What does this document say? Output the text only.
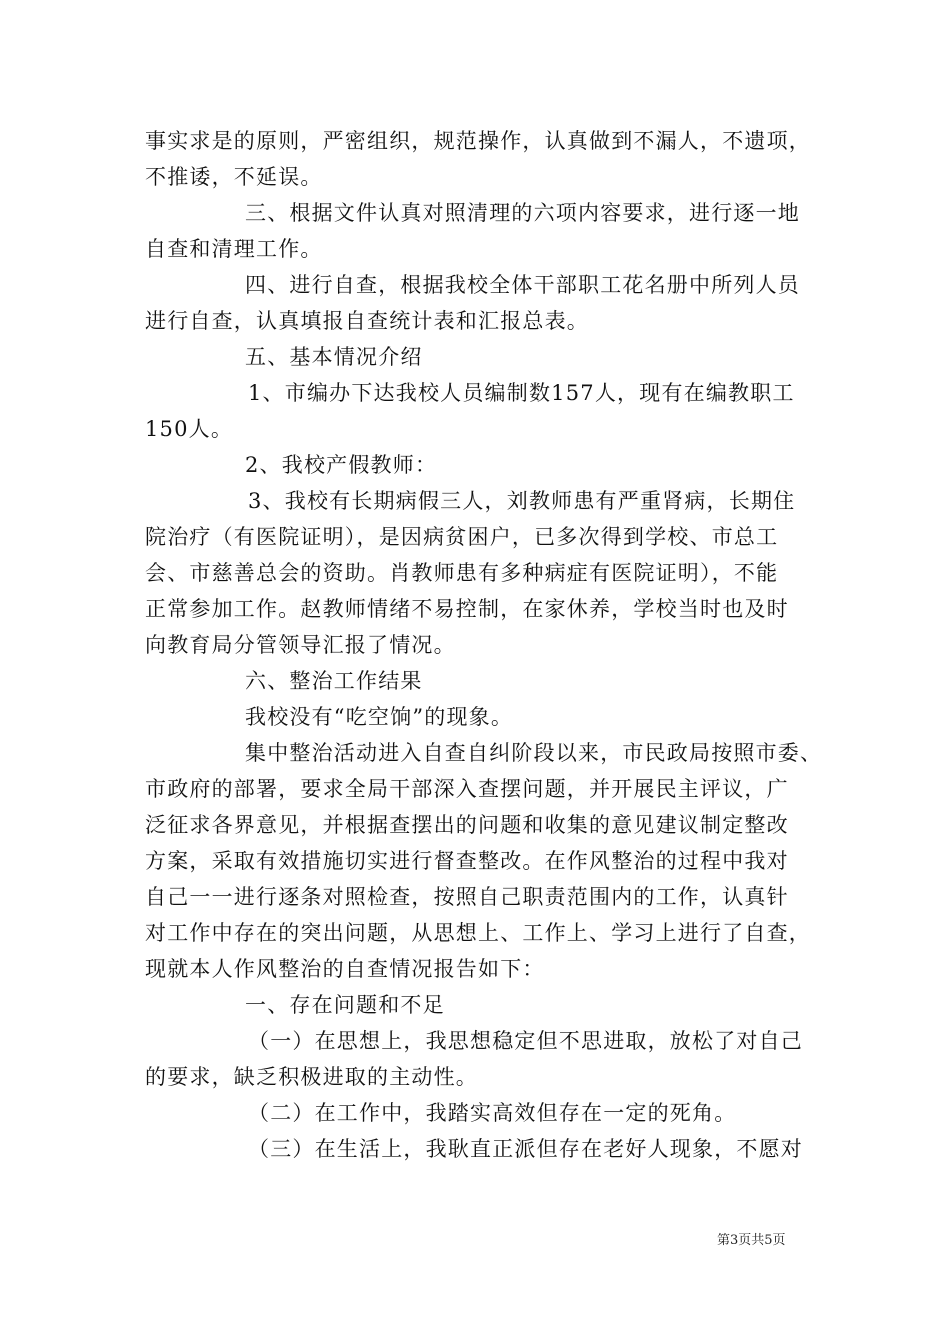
事实求是的原则，严密组织，规范操作，认真做到不漏人，不遗项，
不推诿，不延误。
三、根据文件认真对照清理的六项内容要求，进行逐一地
自查和清理工作。
四、进行自查，根据我校全体干部职工花名册中所列人员
进行自查，认真填报自查统计表和汇报总表。
五、基本情况介绍
1、市编办下达我校人员编制数157人，现有在编教职工
150人。
2、我校产假教师：
3、我校有长期病假三人，刘教师患有严重肾病，长期住
院治疗（有医院证明），是因病贫困户，已多次得到学校、市总工
会、市慈善总会的资助。肖教师患有多种病症有医院证明），不能
正常参加工作。赵教师情绪不易控制，在家休养，学校当时也及时
向教育局分管领导汇报了情况。
六、整治工作结果
我校没有“吃空饷”的现象。
集中整治活动进入自查自纠阶段以来，市民政局按照市委、
市政府的部署，要求全局干部深入查摆问题，并开展民主评议，广
泛征求各界意见，并根据查摆出的问题和收集的意见建议制定整改
方案，采取有效措施切实进行督查整改。在作风整治的过程中我对
自己一一进行逐条对照检查，按照自己职责范围内的工作，认真针
对工作中存在的突出问题，从思想上、工作上、学习上进行了自查，
现就本人作风整治的自查情况报告如下：
一、存在问题和不足
（一）在思想上，我思想稳定但不思进取，放松了对自己
的要求，缺乏积极进取的主动性。
（二）在工作中，我踏实高效但存在一定的死角。
（三）在生活上，我耿直正派但存在老好人现象，不愿对
第3页共5页
